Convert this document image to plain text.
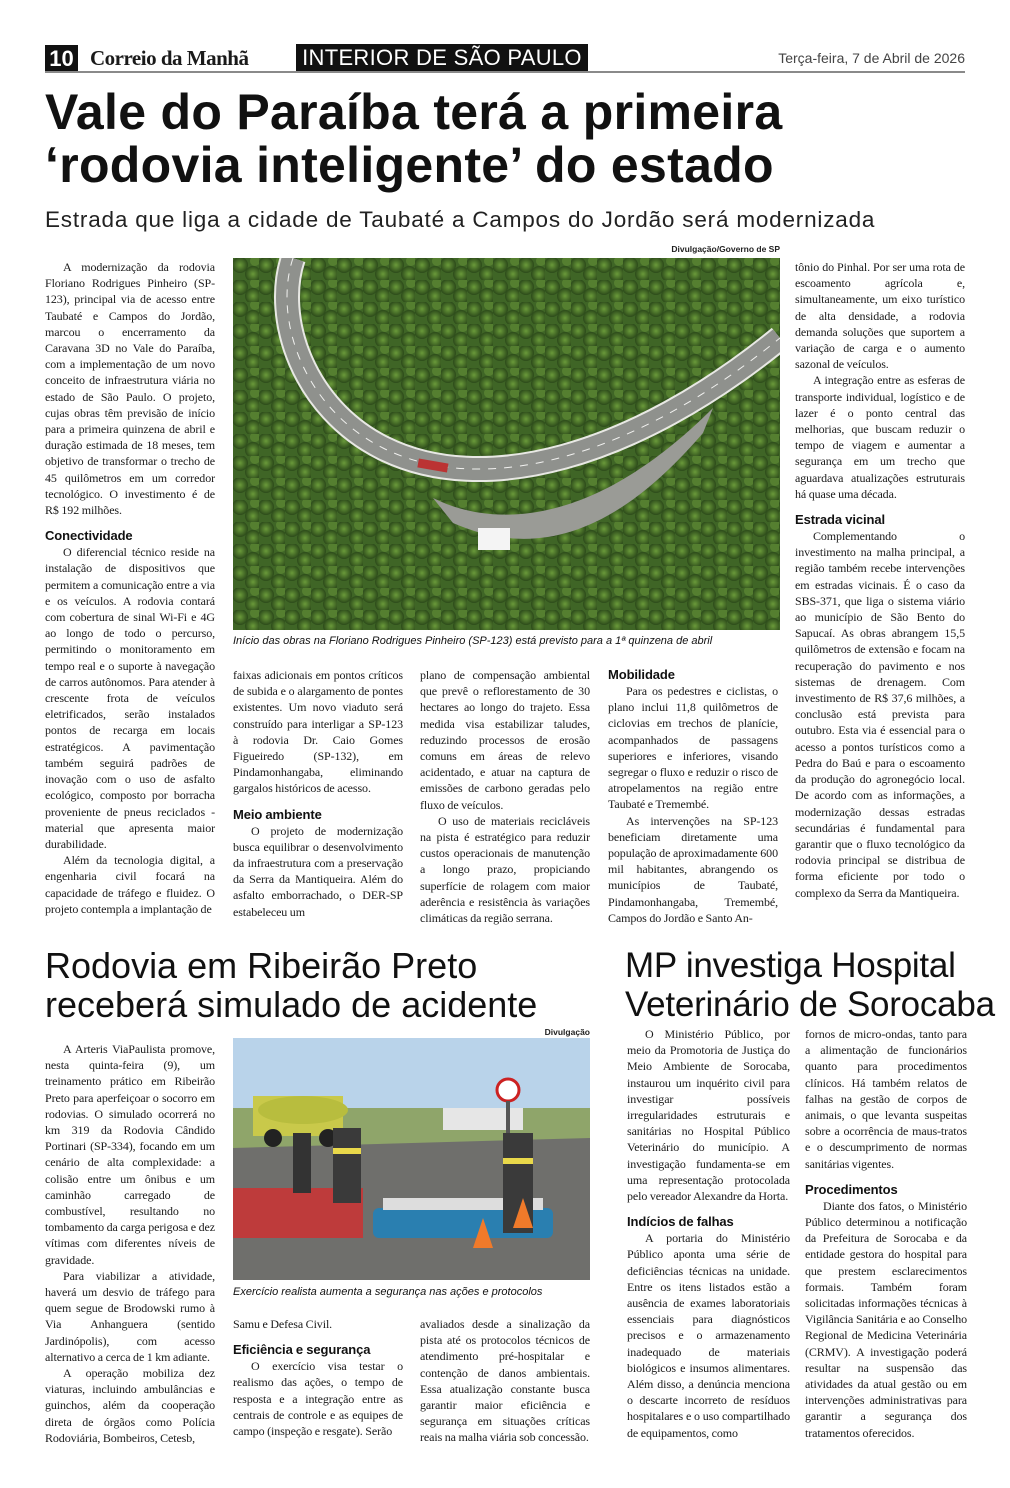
10 Correio da Manhã INTERIOR DE SÃO PAULO	Terça-feira, 7 de Abril de 2026
Vale do Paraíba terá a primeira
‘rodovia inteligente’ do estado
Estrada que liga a cidade de Taubaté a Campos do Jordão será modernizada
Divulgação/Governo de SP
Início das obras na Floriano Rodrigues Pinheiro (SP-123) está previsto para a 1ª quinzena de abril

A modernização da rodovia Floriano Rodrigues Pinheiro (SP-123), principal via de acesso entre Taubaté e Campos do Jordão, marcou o encerramento da Caravana 3D no Vale do Paraíba, com a implementação de um novo conceito de infraestrutura viária no estado de São Paulo. O projeto, cujas obras têm previsão de início para a primeira quinzena de abril e duração estimada de 18 meses, tem objetivo de transformar o trecho de 45 quilômetros em um corredor tecnológico. O investimento é de R$ 192 milhões.

Conectividade

O diferencial técnico reside na instalação de dispositivos que permitem a comunicação entre a via e os veículos. A rodovia contará com cobertura de sinal Wi-Fi e 4G ao longo de todo o percurso, permitindo o monitoramento em tempo real e o suporte à navegação de carros autônomos. Para atender à crescente frota de veículos eletrificados, serão instalados pontos de recarga em locais estratégicos. A pavimentação também seguirá padrões de inovação com o uso de asfalto ecológico, composto por borracha proveniente de pneus reciclados - material que apresenta maior durabilidade.

Além da tecnologia digital, a engenharia civil focará na capacidade de tráfego e fluidez. O projeto contempla a implantação de

faixas adicionais em pontos críticos de subida e o alargamento de pontes existentes. Um novo viaduto será construído para interligar a SP-123 à rodovia Dr. Caio Gomes Figueiredo (SP-132), em Pindamonhangaba, eliminando gargalos históricos de acesso.

Meio ambiente

O projeto de modernização busca equilibrar o desenvolvimento da infraestrutura com a preservação da Serra da Mantiqueira. Além do asfalto emborrachado, o DER-SP estabeleceu um

plano de compensação ambiental que prevê o reflorestamento de 30 hectares ao longo do trajeto. Essa medida visa estabilizar taludes, reduzindo processos de erosão comuns em áreas de relevo acidentado, e atuar na captura de emissões de carbono geradas pelo fluxo de veículos.

O uso de materiais recicláveis na pista é estratégico para reduzir custos operacionais de manutenção a longo prazo, propiciando superfície de rolagem com maior aderência e resistência às variações climáticas da região serrana.

Mobilidade

Para os pedestres e ciclistas, o plano inclui 11,8 quilômetros de ciclovias em trechos de planície, acompanhados de passagens superiores e inferiores, visando segregar o fluxo e reduzir o risco de atropelamentos na região entre Taubaté e Tremembé.

As intervenções na SP-123 beneficiam diretamente uma população de aproximadamente 600 mil habitantes, abrangendo os municípios de Taubaté, Pindamonhangaba, Tremembé, Campos do Jordão e Santo An-

tônio do Pinhal. Por ser uma rota de escoamento agrícola e, simultaneamente, um eixo turístico de alta densidade, a rodovia demanda soluções que suportem a variação de carga e o aumento sazonal de veículos.

A integração entre as esferas de transporte individual, logístico e de lazer é o ponto central das melhorias, que buscam reduzir o tempo de viagem e aumentar a segurança em um trecho que aguardava atualizações estruturais há quase uma década.

Estrada vicinal

Complementando o investimento na malha principal, a região também recebe intervenções em estradas vicinais. É o caso da SBS-371, que liga o sistema viário ao município de São Bento do Sapucaí. As obras abrangem 15,5 quilômetros de extensão e focam na recuperação do pavimento e nos sistemas de drenagem. Com investimento de R$ 37,6 milhões, a conclusão está prevista para outubro. Esta via é essencial para o acesso a pontos turísticos como a Pedra do Baú e para o escoamento da produção do agronegócio local. De acordo com as informações, a modernização dessas estradas secundárias é fundamental para garantir que o fluxo tecnológico da rodovia principal se distribua de forma eficiente por todo o complexo da Serra da Mantiqueira.

Rodovia em Ribeirão Preto
receberá simulado de acidente
Divulgação
Exercício realista aumenta a segurança nas ações e protocolos

A Arteris ViaPaulista promove, nesta quinta-feira (9), um treinamento prático em Ribeirão Preto para aperfeiçoar o socorro em rodovias. O simulado ocorrerá no km 319 da Rodovia Cândido Portinari (SP-334), focando em um cenário de alta complexidade: a colisão entre um ônibus e um caminhão carregado de combustível, resultando no tombamento da carga perigosa e dez vítimas com diferentes níveis de gravidade.

Para viabilizar a atividade, haverá um desvio de tráfego para quem segue de Brodowski rumo à Via Anhanguera (sentido Jardinópolis), com acesso alternativo a cerca de 1 km adiante.

A operação mobiliza dez viaturas, incluindo ambulâncias e guinchos, além da cooperação direta de órgãos como Polícia Rodoviária, Bombeiros, Cetesb,

Samu e Defesa Civil.

Eficiência e segurança

O exercício visa testar o realismo das ações, o tempo de resposta e a integração entre as centrais de controle e as equipes de campo (inspeção e resgate). Serão

avaliados desde a sinalização da pista até os protocolos técnicos de atendimento pré-hospitalar e contenção de danos ambientais. Essa atualização constante busca garantir maior eficiência e segurança em situações críticas reais na malha viária sob concessão.

MP investiga Hospital
Veterinário de Sorocaba

O Ministério Público, por meio da Promotoria de Justiça do Meio Ambiente de Sorocaba, instaurou um inquérito civil para investigar possíveis irregularidades estruturais e sanitárias no Hospital Público Veterinário do município. A investigação fundamenta-se em uma representação protocolada pelo vereador Alexandre da Horta.

Indícios de falhas

A portaria do Ministério Público aponta uma série de deficiências técnicas na unidade. Entre os itens listados estão a ausência de exames laboratoriais essenciais para diagnósticos precisos e o armazenamento inadequado de materiais biológicos e insumos alimentares. Além disso, a denúncia menciona o descarte incorreto de resíduos hospitalares e o uso compartilhado de equipamentos, como

fornos de micro-ondas, tanto para a alimentação de funcionários quanto para procedimentos clínicos. Há também relatos de falhas na gestão de corpos de animais, o que levanta suspeitas sobre a ocorrência de maus-tratos e o descumprimento de normas sanitárias vigentes.

Procedimentos

Diante dos fatos, o Ministério Público determinou a notificação da Prefeitura de Sorocaba e da entidade gestora do hospital para que prestem esclarecimentos formais. Também foram solicitadas informações técnicas à Vigilância Sanitária e ao Conselho Regional de Medicina Veterinária (CRMV). A investigação poderá resultar na suspensão das atividades da atual gestão ou em intervenções administrativas para garantir a segurança dos tratamentos oferecidos.
